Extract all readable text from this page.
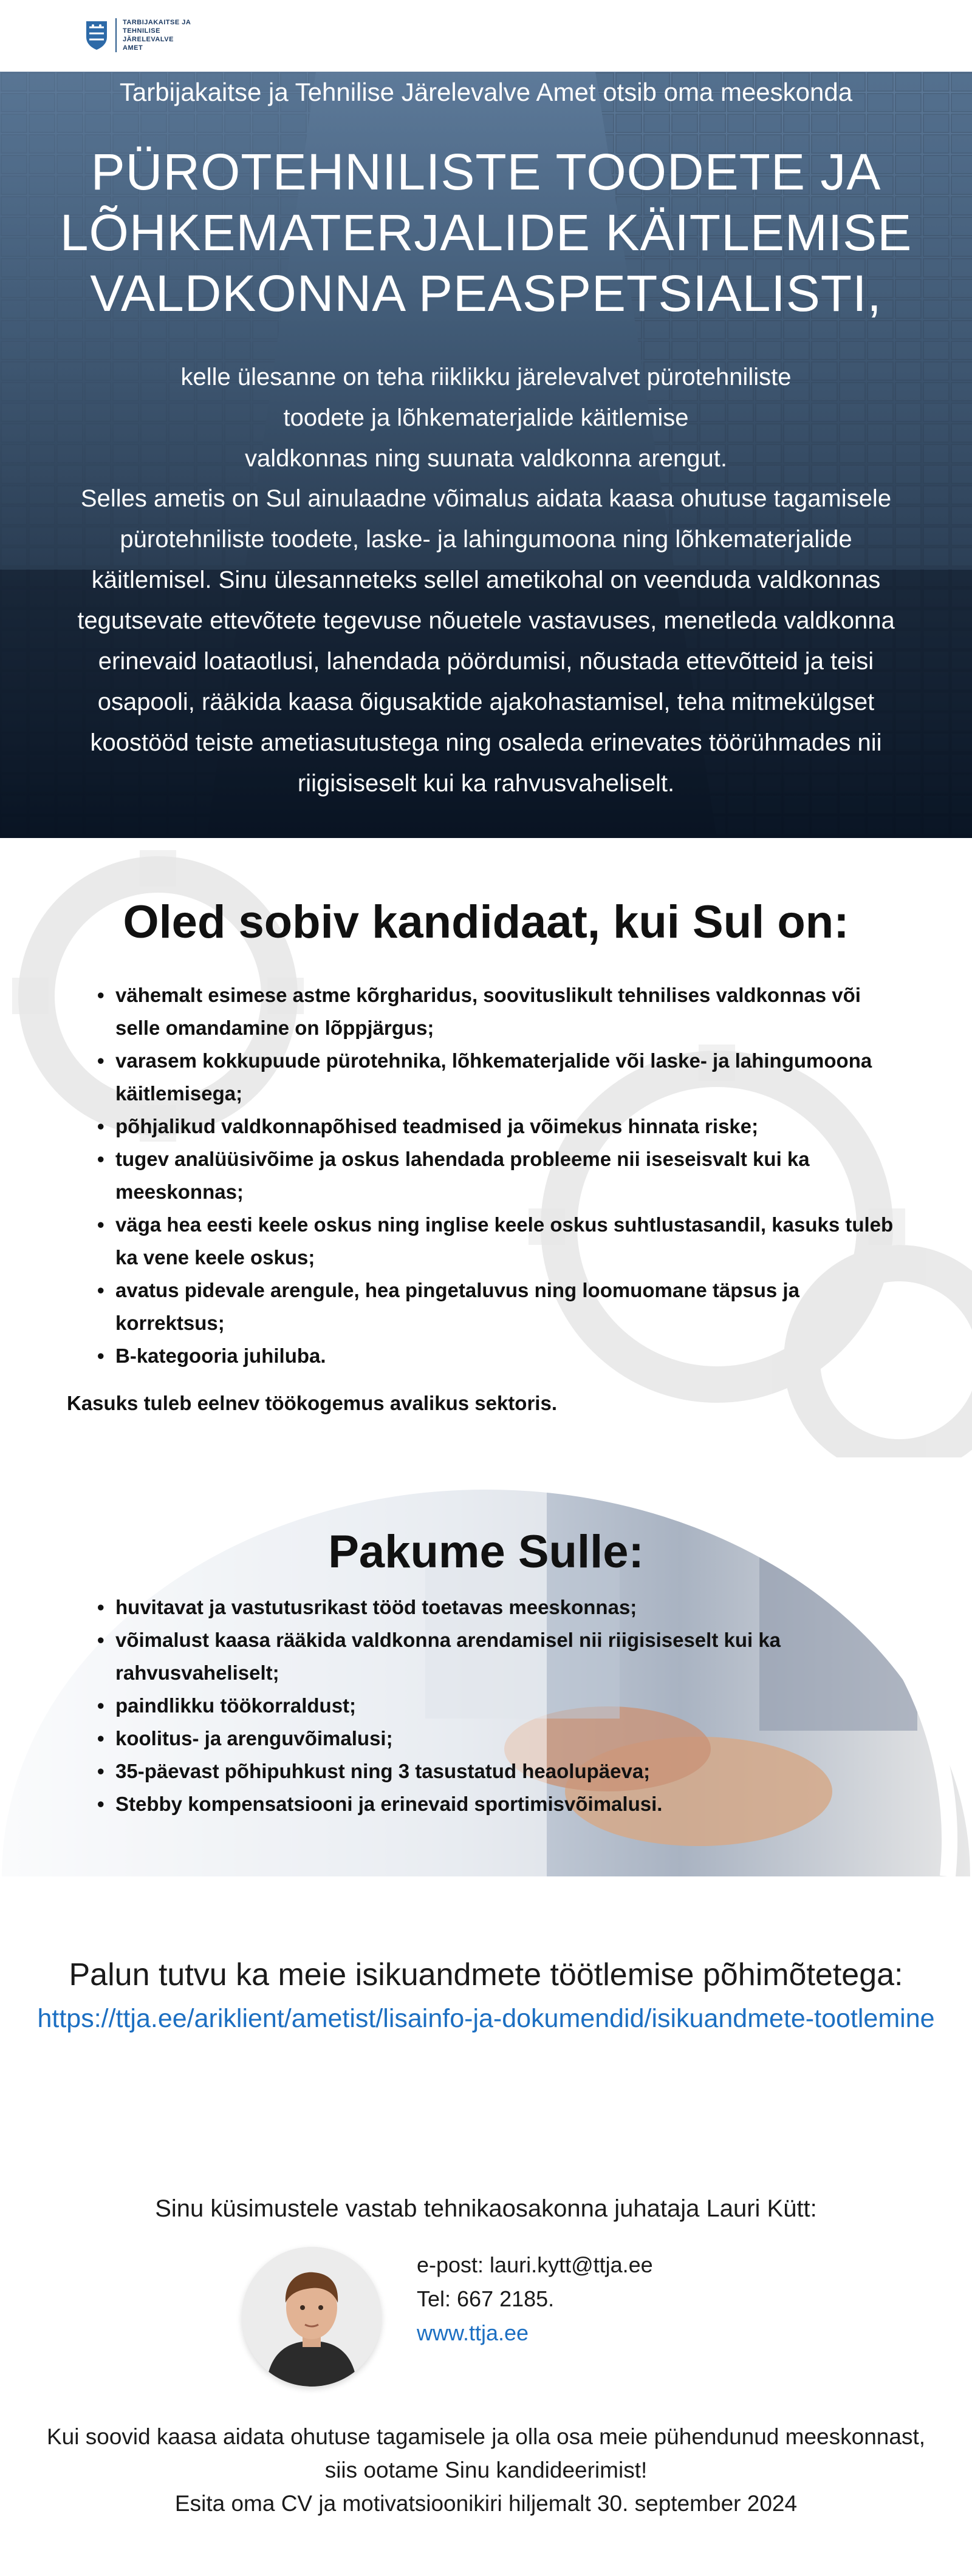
TARBIJAKAITSE JA
TEHNILISE JÄRELEVALVE
AMET
Tarbijakaitse ja Tehnilise Järelevalve Amet otsib oma meeskonda
PÜROTEHNILISTE TOODETE JA
LÕHKEMATERJALIDE KÄITLEMISE
VALDKONNA PEASPETSIALISTI,
kelle ülesanne on teha riiklikku järelevalvet pürotehniliste
toodete ja lõhkematerjalide käitlemise
valdkonnas ning suunata valdkonna arengut.
Selles ametis on Sul ainulaadne võimalus aidata kaasa ohutuse tagamisele
pürotehniliste toodete, laske- ja lahingumoona ning lõhkematerjalide
käitlemisel. Sinu ülesanneteks sellel ametikohal on veenduda valdkonnas
tegutsevate ettevõtete tegevuse nõuetele vastavuses, menetleda valdkonna
erinevaid loataotlusi, lahendada pöördumisi, nõustada ettevõtteid ja teisi
osapooli, rääkida kaasa õigusaktide ajakohastamisel, teha mitmekülgset
koostööd teiste ametiasutustega ning osaleda erinevates töörühmades nii
riigisiseselt kui ka rahvusvaheliselt.
Oled sobiv kandidaat, kui Sul on:
• vähemalt esimese astme kõrgharidus, soovituslikult tehnilises valdkonnas või selle omandamine on lõppjärgus;
• varasem kokkupuude pürotehnika, lõhkematerjalide või laske- ja lahingumoona käitlemisega;
• põhjalikud valdkonnapõhised teadmised ja võimekus hinnata riske;
• tugev analüüsivõime ja oskus lahendada probleeme nii iseseisvalt kui ka meeskonnas;
• väga hea eesti keele oskus ning inglise keele oskus suhtlustasandil, kasuks tuleb ka vene keele oskus;
• avatus pidevale arengule, hea pingetaluvus ning loomuomane täpsus ja korrektsus;
• B-kategooria juhiluba.
Kasuks tuleb eelnev töökogemus avalikus sektoris.
Pakume Sulle:
• huvitavat ja vastutusrikast tööd toetavas meeskonnas;
• võimalust kaasa rääkida valdkonna arendamisel nii riigisiseselt kui ka rahvusvaheliselt;
• paindlikku töökorraldust;
• koolitus- ja arenguvõimalusi;
• 35-päevast põhipuhkust ning 3 tasustatud heaolupäeva;
• Stebby kompensatsiooni ja erinevaid sportimisvõimalusi.
Palun tutvu ka meie isikuandmete töötlemise põhimõtetega:
https://ttja.ee/ariklient/ametist/lisainfo-ja-dokumendid/isikuandmete-tootlemine
Sinu küsimustele vastab tehnikaosakonna juhataja Lauri Kütt:
e-post: lauri.kytt@ttja.ee
Tel: 667 2185.
www.ttja.ee
Kui soovid kaasa aidata ohutuse tagamisele ja olla osa meie pühendunud meeskonnast,
siis ootame Sinu kandideerimist!
Esita oma CV ja motivatsioonikiri hiljemalt 30. september 2024
